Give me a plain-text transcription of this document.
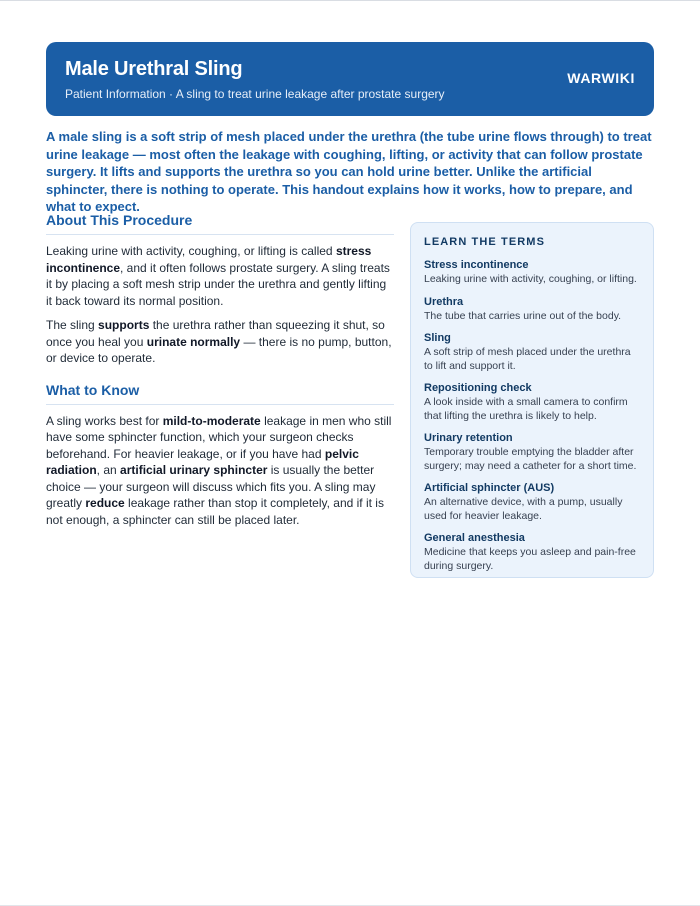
Male Urethral Sling
Patient Information · A sling to treat urine leakage after prostate surgery
WARWIKI
A male sling is a soft strip of mesh placed under the urethra (the tube urine flows through) to treat urine leakage — most often the leakage with coughing, lifting, or activity that can follow prostate surgery. It lifts and supports the urethra so you can hold urine better. Unlike the artificial sphincter, there is nothing to operate. This handout explains how it works, how to prepare, and what to expect.
About This Procedure

Leaking urine with activity, coughing, or lifting is called stress incontinence, and it often follows prostate surgery. A sling treats it by placing a soft mesh strip under the urethra and gently lifting it back toward its normal position.

The sling supports the urethra rather than squeezing it shut, so once you heal you urinate normally — there is no pump, button, or device to operate.

What to Know

A sling works best for mild-to-moderate leakage in men who still have some sphincter function, which your surgeon checks beforehand. For heavier leakage, or if you have had pelvic radiation, an artificial urinary sphincter is usually the better choice — your surgeon will discuss which fits you. A sling may greatly reduce leakage rather than stop it completely, and if it is not enough, a sphincter can still be placed later.

LEARN THE TERMS
Stress incontinence
Leaking urine with activity, coughing, or lifting.
Urethra
The tube that carries urine out of the body.
Sling
A soft strip of mesh placed under the urethra to lift and support it.
Repositioning check
A look inside with a small camera to confirm that lifting the urethra is likely to help.
Urinary retention
Temporary trouble emptying the bladder after surgery; may need a catheter for a short time.
Artificial sphincter (AUS)
An alternative device, with a pump, usually used for heavier leakage.
General anesthesia
Medicine that keeps you asleep and pain-free during surgery.
